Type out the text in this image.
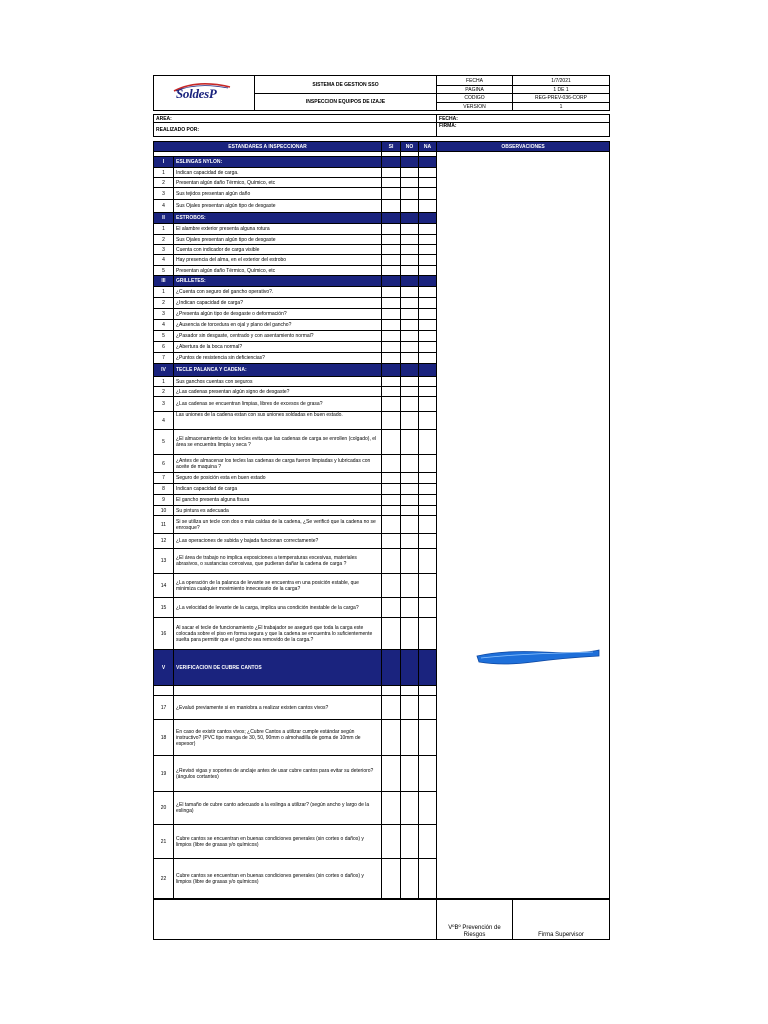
SoldesP		SISTEMA DE GESTION SSO				FECHA	1/7/2021
						PAGINA	1 DE 1
		INSPECCION EQUIPOS DE IZAJE				CODIGO	REG-PREV-036-CORP
						VERSION	1

AREA:						FECHA:	
REALIZADO POR:						FIRMA:	

ESTANDARES A INSPECCIONAR			SI	NO	NA	OBSERVACIONES	

I	ESLINGAS NYLON:						
1	Indican capacidad de carga.						
2	Presentan algún daño Térmico, Químico, etc						
3	Sus tejidos presentan algún daño						
4	Sus Ojales presentan algún tipo de desgaste						
II	ESTROBOS:						
1	El alambre exterior presenta alguna rotura						
2	Sus Ojales presentan algún tipo de desgaste						
3	Cuenta con indicador de carga visible						
4	Hay presencia del alma, en el exterior del estrobo						
5	Presentan algún daño Térmico, Químico, etc						
III	GRILLETES:						
1	¿Cuenta con seguro del gancho operativo?.						
2	¿Indican capacidad de carga?						
3	¿Presenta algún tipo de desgaste o deformación?						
4	¿Ausencia de torcedura en ojal y plano del gancho?						
5	¿Pasador sin desgaste, centrado y con asentamiento normal?						
6	¿Abertura de la boca normal?						
7	¿Puntos de resistencia sin deficiencias?						
IV	TECLE PALANCA Y CADENA:						
1	Sus ganchos cuentas con seguros						
2	¿Las cadenas presentan algún signo de desgaste?						
3	¿Las cadenas se encuentran limpias, libres de excesos de grasa?						
4	Las uniones de la cadena estan con sus uniones soldadas en buen estado.						
5	¿El almacenamiento de los tecles evita que las cadenas de carga se enrollen (colgado), el área se encuentra limpia y seca ?						
6	¿Antes de almacenar los tecles las cadenas de carga fueron limpiadas y lubricadas con aceite de maquina ?						
7	Seguro de posición esta en buen estado						
8	Indican capacidad de carga						
9	El gancho presenta alguna fisura						
10	Su pintura es adecuada						
11	Si se utiliza un tecle con dos o más caídas de la cadena, ¿Se verificó que la cadena no se enrosque?						
12	¿Las operaciones de subida y bajada funcionan correctamente?						
13	¿El área de trabajo no implica exposiciones a temperaturas excesivas, materiales abrasivos, o sustancias corrosivas, que pudieran dañar la cadena de carga ?						
14	¿La operación de la palanca de levante se encuentra en una posición estable, que minimiza cualquier movimiento innecesario de la carga?						
15	¿La velocidad de levante de la carga, implica una condición inestable de la carga?						
16	Al sacar el tecle de funcionamiento ¿El trabajador se aseguró que toda la carga este colocada sobre el piso en forma segura y que la cadena se encuentra lo suficientemente suelta para permitir que el gancho sea removido de la carga.?						
V	VERIFICACION DE CUBRE CANTOS						

17	¿Evaluó previamente si en maniobra a realizar existen cantos vivos?						
18	En caso de existir cantos vivos; ¿Cubre Cantos a utilizar cumple estándar según instructivo? (PVC tipo manga de 30, 50, 90mm o almohadilla de goma de 10mm de espesor)						
19	¿Revisó vigas y soportes de anclaje antes de usar cubre cantos para evitar su deterioro? (ángulos cortantes)						
20	¿El tamaño de cubre canto adecuado a la eslinga a utilizar? (según ancho y largo de la eslinga)						
21	Cubre cantos se encuentran en buenas condiciones generales (sin cortes o daños) y limpios (libre de grasas y/o químicos)						
22	Cubre cantos se encuentran en buenas condiciones generales (sin cortes o daños) y limpios (libre de grasas y/o químicos)						
	VºBº Prevención de Riesgos	Firma Supervisor
